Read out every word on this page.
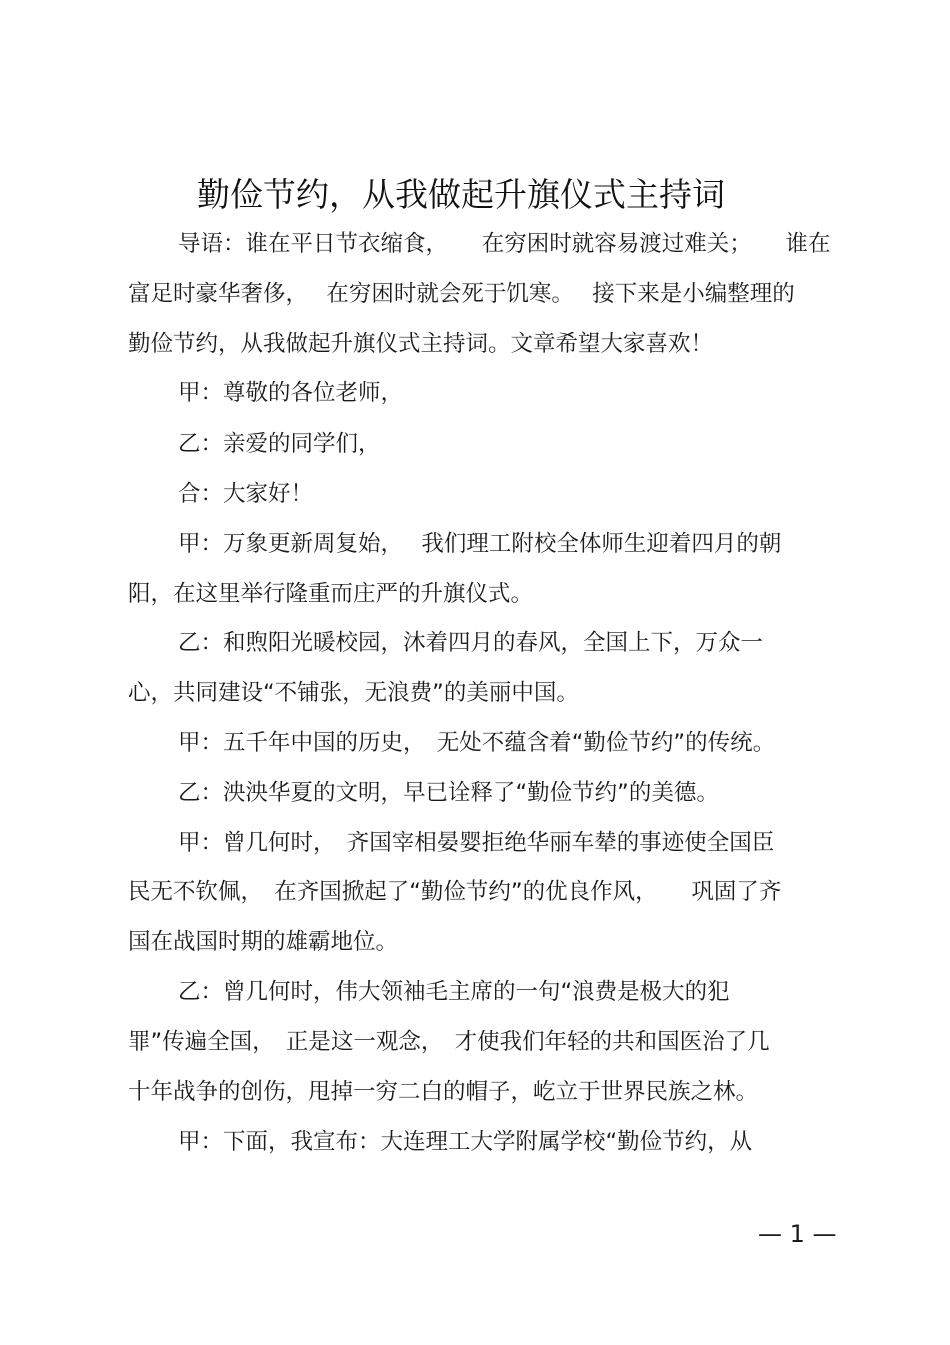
勤俭节约，从我做起升旗仪式主持词
导语：谁在平日节衣缩食，　　在穷困时就容易渡过难关；　　谁在
富足时豪华奢侈，　 在穷困时就会死于饥寒。　 接下来是小编整理的
勤俭节约，从我做起升旗仪式主持词。文章希望大家喜欢！
甲：尊敬的各位老师，
乙：亲爱的同学们，
合：大家好！
甲：万象更新周复始，　 我们理工附校全体师生迎着四月的朝
阳，在这里举行隆重而庄严的升旗仪式。
乙：和煦阳光暖校园，沐着四月的春风，全国上下，万众一
心，共同建设“不铺张，无浪费”的美丽中国。
甲：五千年中国的历史，　无处不蕴含着“勤俭节约”的传统。
乙：泱泱华夏的文明，早已诠释了“勤俭节约”的美德。
甲：曾几何时，　齐国宰相晏婴拒绝华丽车辇的事迹使全国臣
民无不钦佩，　在齐国掀起了“勤俭节约”的优良作风，　　巩固了齐
国在战国时期的雄霸地位。
乙：曾几何时，伟大领袖毛主席的一句“浪费是极大的犯
罪”传遍全国，　正是这一观念，　才使我们年轻的共和国医治了几
十年战争的创伤，甩掉一穷二白的帽子，屹立于世界民族之林。
甲：下面，我宣布：大连理工大学附属学校“勤俭节约，从
— 1 —
